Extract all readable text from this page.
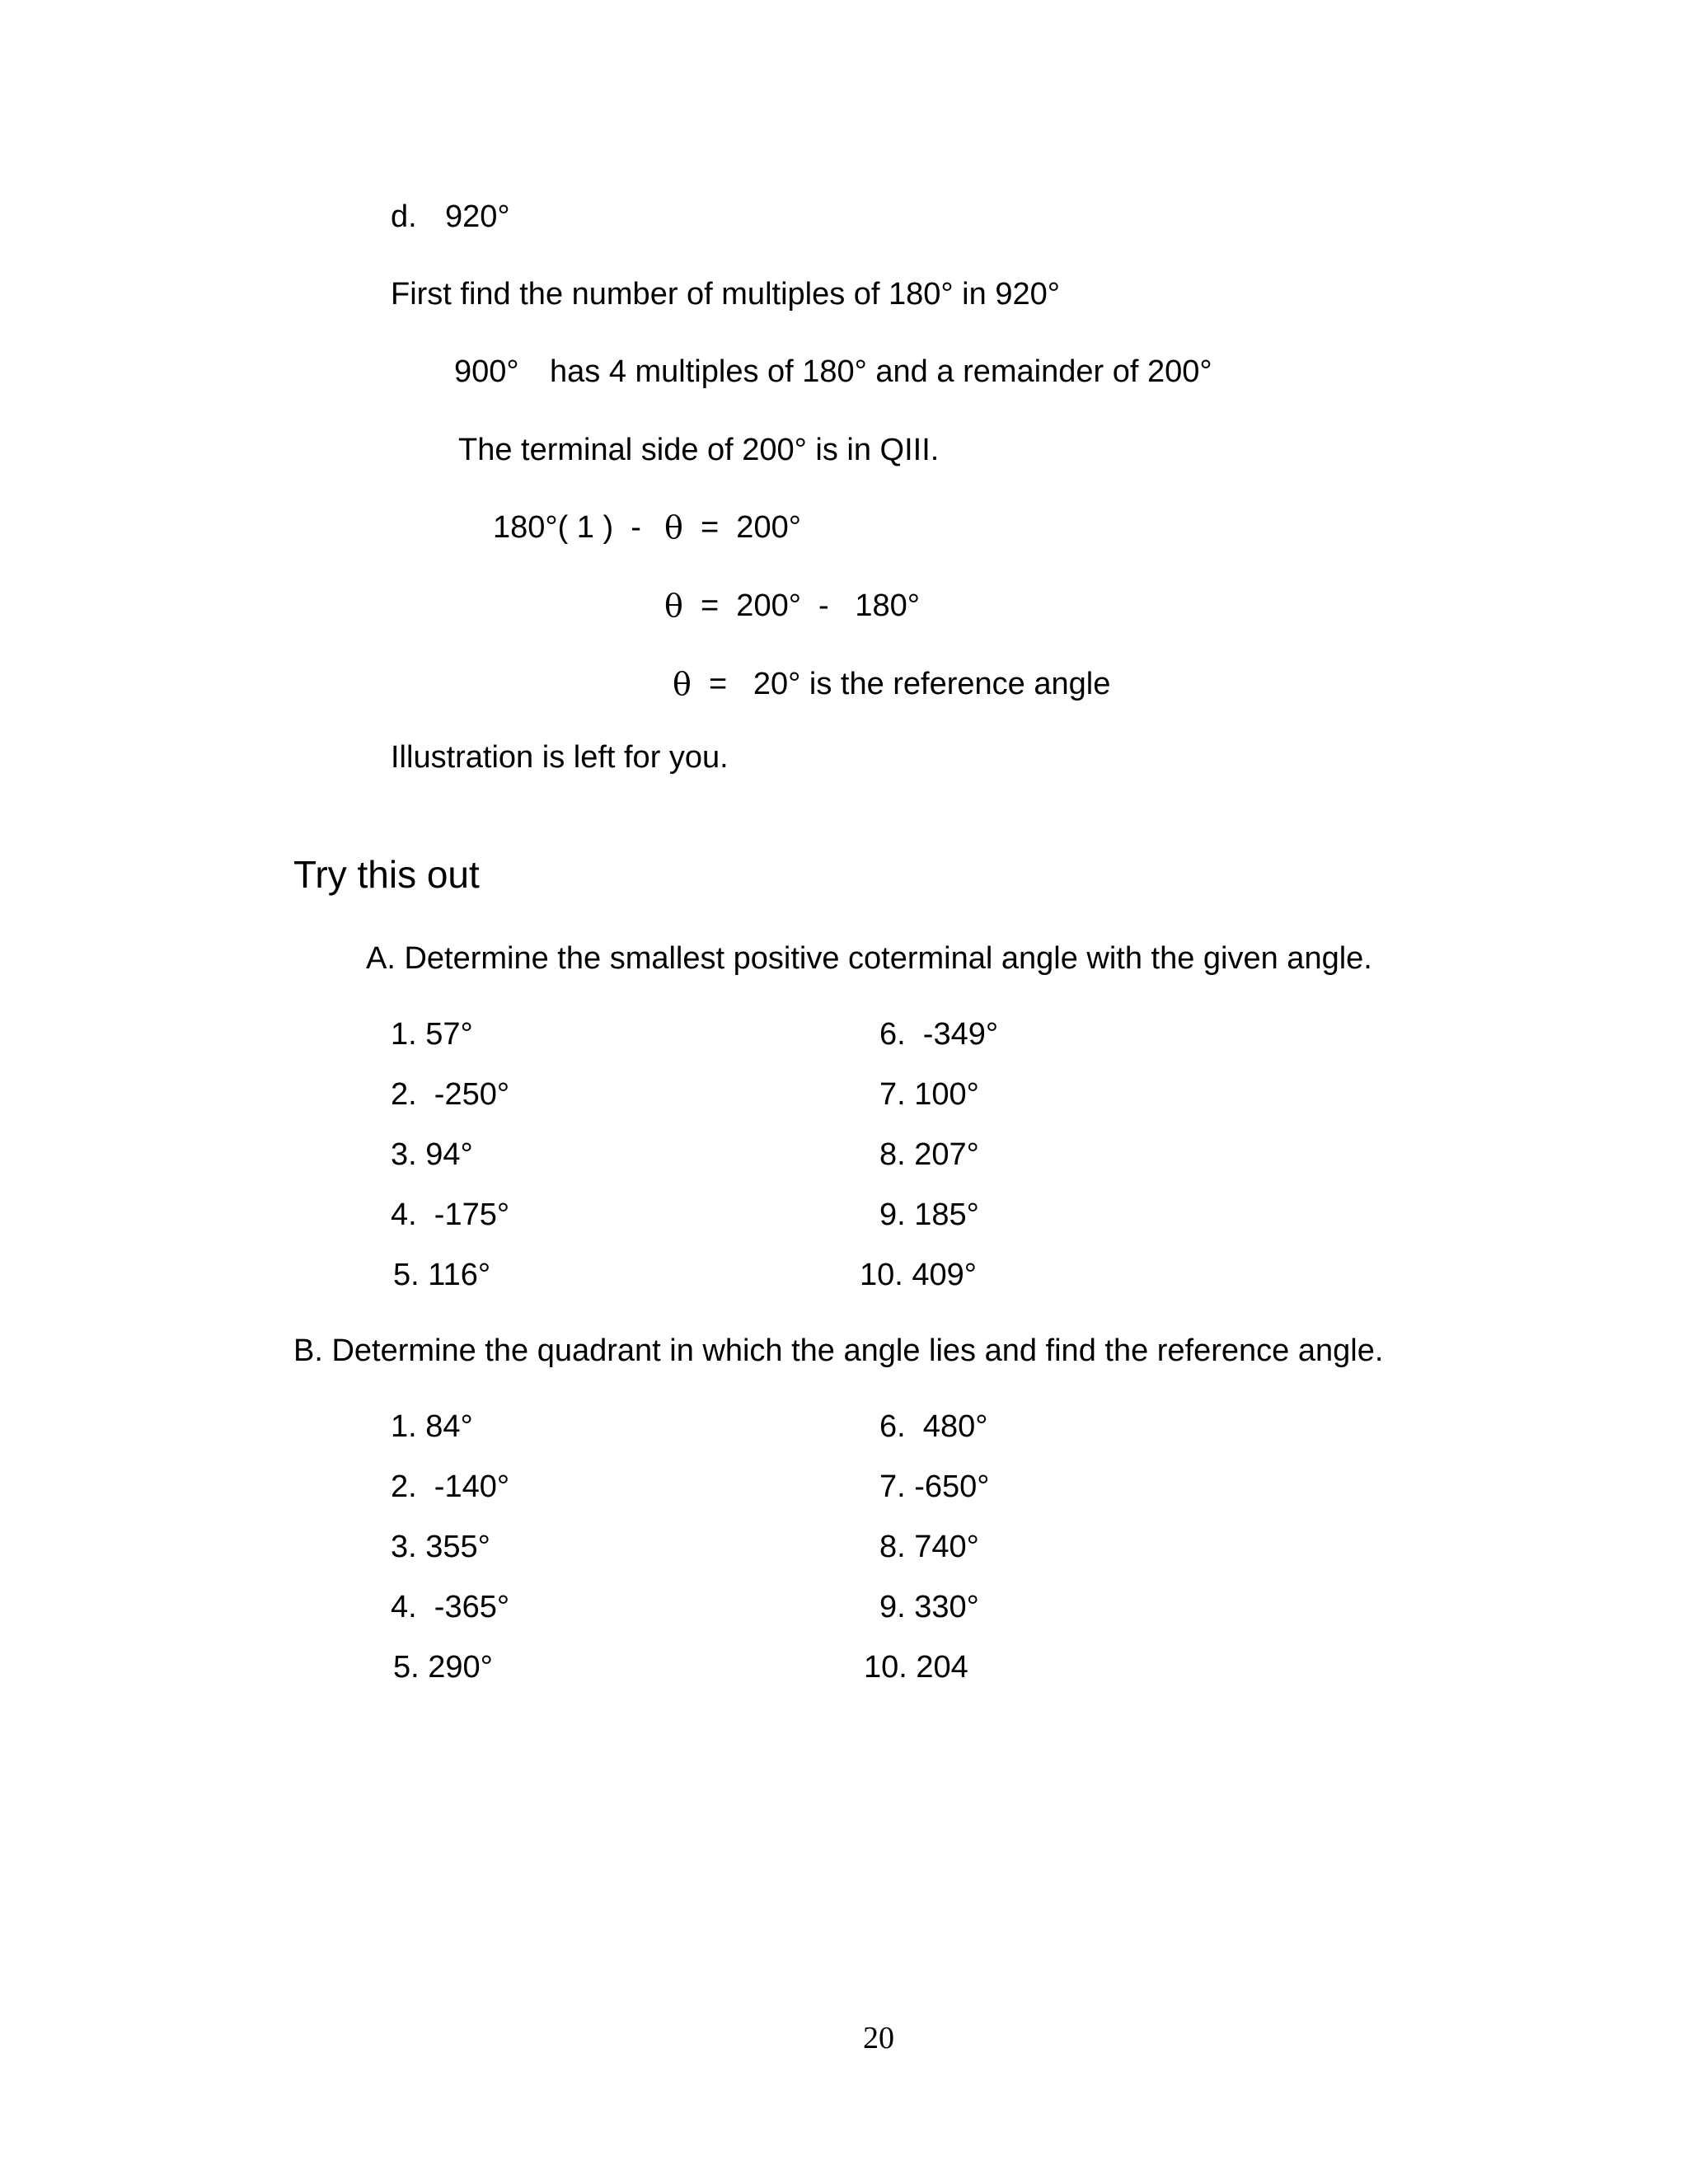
d. 920°
First find the number of multiples of 180° in 920°
900° has 4 multiples of 180° and a remainder of 200°
The terminal side of 200° is in QIII.
180°( 1 )  - θ =  200°
θ =  200°  -   180°
θ =   20° is the reference angle
Illustration is left for you.
Try this out
A. Determine the smallest positive coterminal angle with the given angle.
1. 57°
2.  -250°
3. 94°
4.  -175°
5. 116°
6.  -349°
7. 100°
8. 207°
9. 185°
10. 409°
B. Determine the quadrant in which the angle lies and find the reference angle.
1. 84°
2.  -140°
3. 355°
4.  -365°
5. 290°
6.  480°
7. -650°
8. 740°
9. 330°
10. 204
20
